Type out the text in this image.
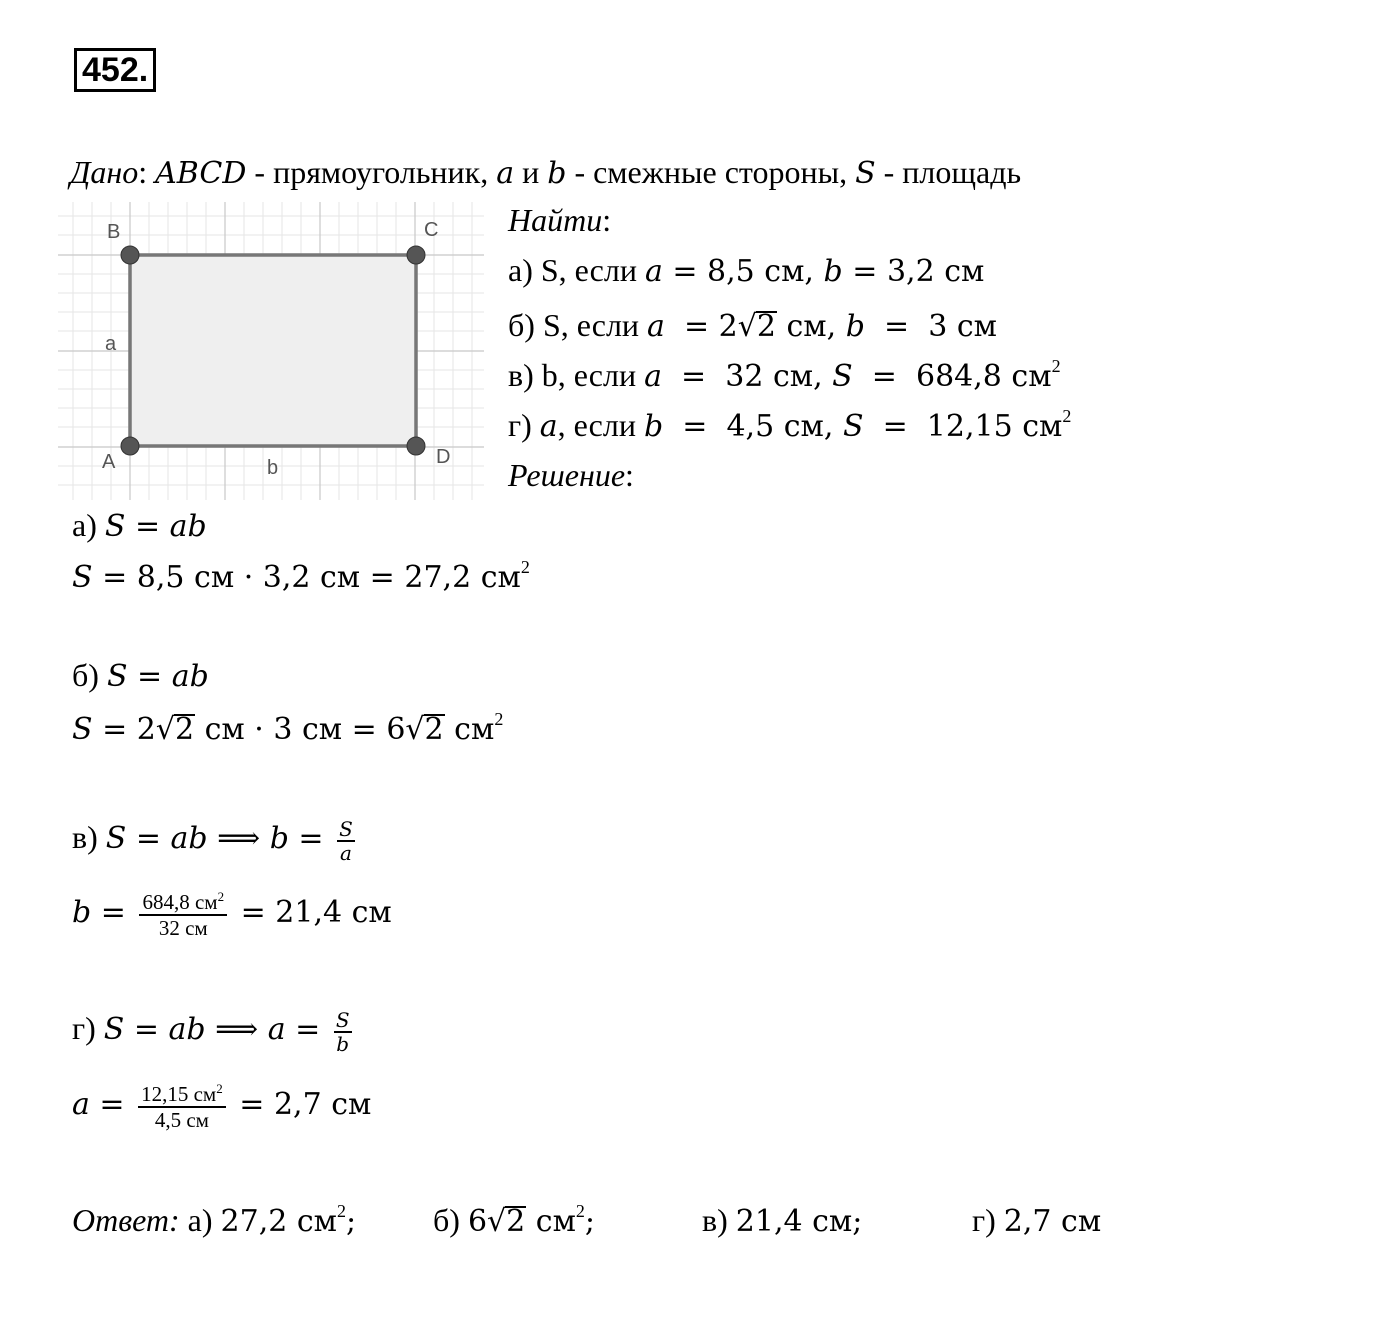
452.
Дано: ABCD - прямоугольник, a и b - смежные стороны, S - площадь
B	C
A	D
a
b
Найти:
а) S, если a = 8,5 см, b = 3,2 см
б) S, если a  = 2√2 см, b  =  3 см
в) b, если a  =  32 см, S  =  684,8 $см^2$
г) a, если b  =  4,5 см, S  =  12,15 $см^2$
Решение:
а) S = ab
S = 8,5 см · 3,2 см = 27,2 $см^2$
б) S = ab
S = 2√2 см · 3 см = 6√2 $см^2$
в) S = ab ⟹ $b = \frac{S}{a}$
$b = \frac{684,8 см^2}{32 см} = 21,4$ см
г) S = ab ⟹ $a = \frac{S}{b}$
$a = \frac{12,15 см^2}{4,5 см} = 2,7$ см
Ответ: а) 27,2 $см^2$; б) 6√2 $см^2$;	в) 21,4 см;	г) 2,7 см
